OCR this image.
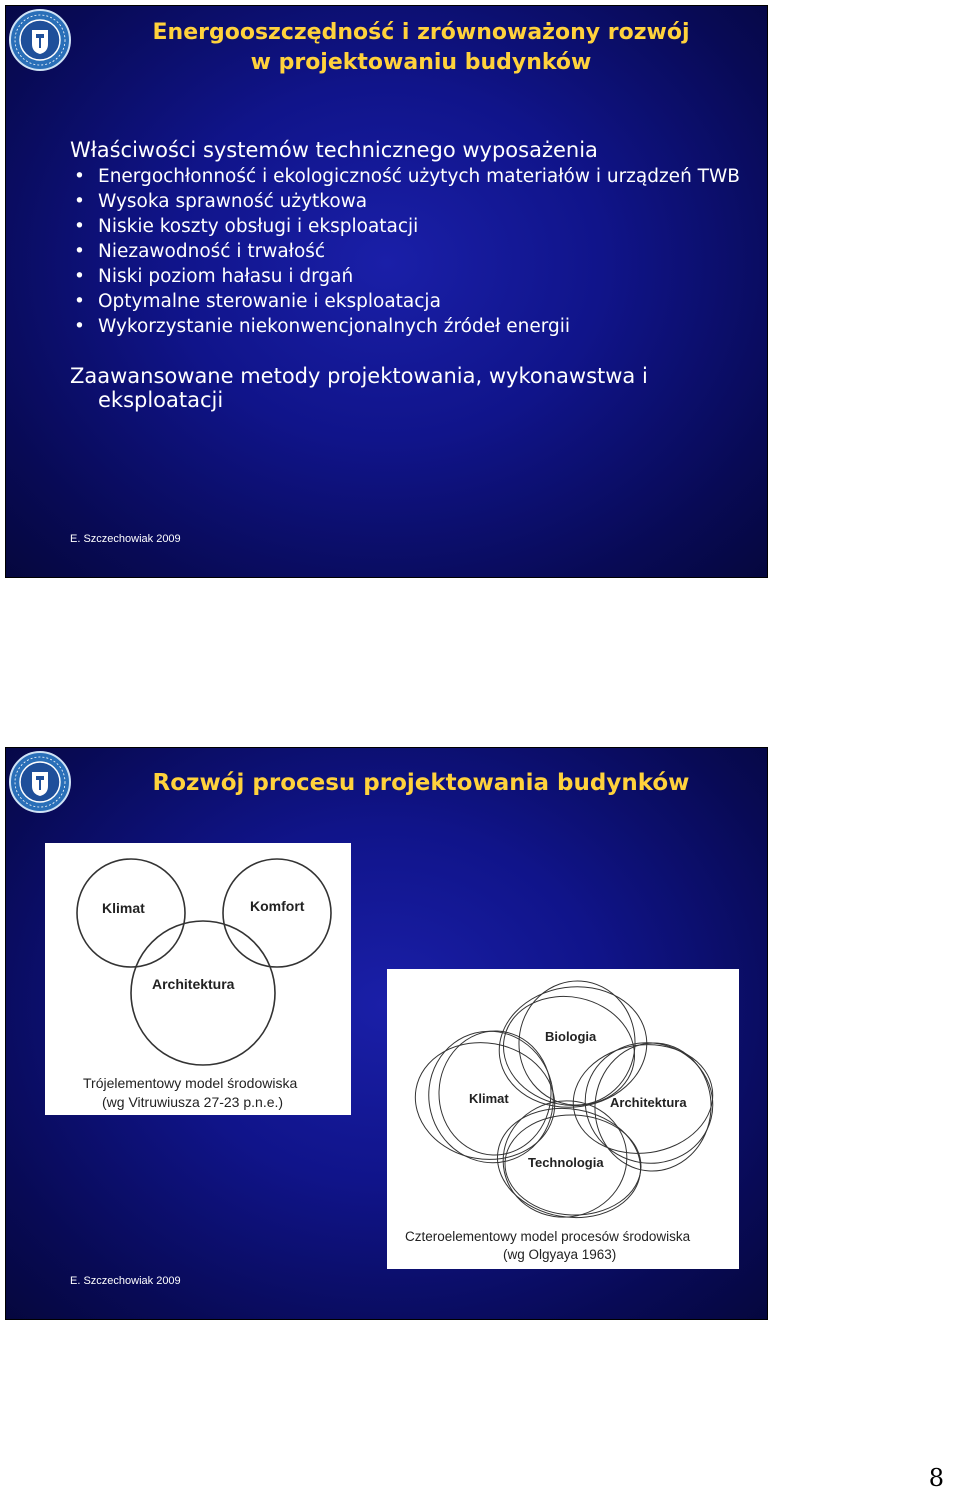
Energooszczędność i zrównoważony rozwój
w projektowaniu budynków
Właściwości systemów technicznego wyposażenia
• Energochłonność i ekologiczność użytych materiałów i urządzeń TWB
• Wysoka sprawność użytkowa
• Niskie koszty obsługi i eksploatacji
• Niezawodność i trwałość
• Niski poziom hałasu i drgań
• Optymalne sterowanie i eksploatacja
• Wykorzystanie niekonwencjonalnych źródeł energii
Zaawansowane metody projektowania, wykonawstwa i eksploatacji
E. Szczechowiak 2009
Rozwój procesu projektowania budynków
Klimat	Komfort
Architektura
Trójelementowy model środowiska
(wg Vitruwiusza 27-23 p.n.e.)
Biologia
Klimat	Architektura
Technologia
Czteroelementowy model procesów środowiska
(wg Olgyaya 1963)
E. Szczechowiak 2009
8
